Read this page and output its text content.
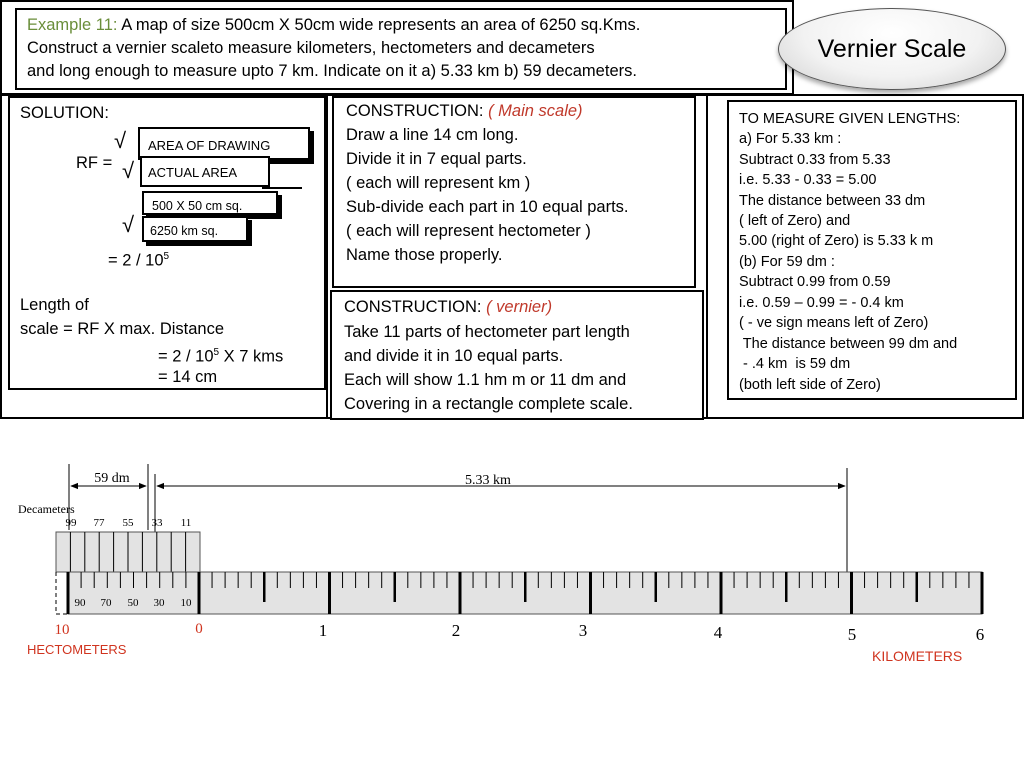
Example 11: A map of size 500cm X 50cm wide represents an area of 6250 sq.Kms.
Construct a vernier scaleto measure kilometers, hectometers and decameters
and long enough to measure upto 7 km. Indicate on it a) 5.33 km b) 59 decameters.
Vernier Scale
SOLUTION:
RF =
√	AREA OF DRAWING
√	ACTUAL AREA
500 X 50 cm sq.
√	6250 km sq.
= $2 / 10^5$
Length of
scale = RF X max. Distance
= $2 / 10^5$ X 7 kms
= 14 cm
CONSTRUCTION: ( Main scale)
Draw a line 14 cm long.
Divide it in 7 equal parts.
( each will represent km )
Sub-divide each part in 10 equal parts.
( each will represent hectometer )
Name those properly.
CONSTRUCTION: ( vernier)
Take 11 parts of hectometer part length
and divide it in 10 equal parts.
Each will show 1.1 hm m or 11 dm and
Covering in a rectangle complete scale.
TO MEASURE GIVEN LENGTHS:
a) For 5.33 km :
Subtract 0.33 from 5.33
i.e. 5.33 - 0.33 = 5.00
The distance between 33 dm
( left of Zero) and
5.00 (right of Zero) is 5.33 k m
(b) For 59 dm :
Subtract 0.99 from 0.59
i.e. 0.59 – 0.99 = - 0.4 km
( - ve sign means left of Zero)
The distance between 99 dm and
- .4 km  is 59 dm
(both left side of Zero)
59 dm	5.33 km
Decameters
99 77 55 33 11
90 70 50 30 10
10	0	1	2	3	4	5	6
HECTOMETERS	KILOMETERS
